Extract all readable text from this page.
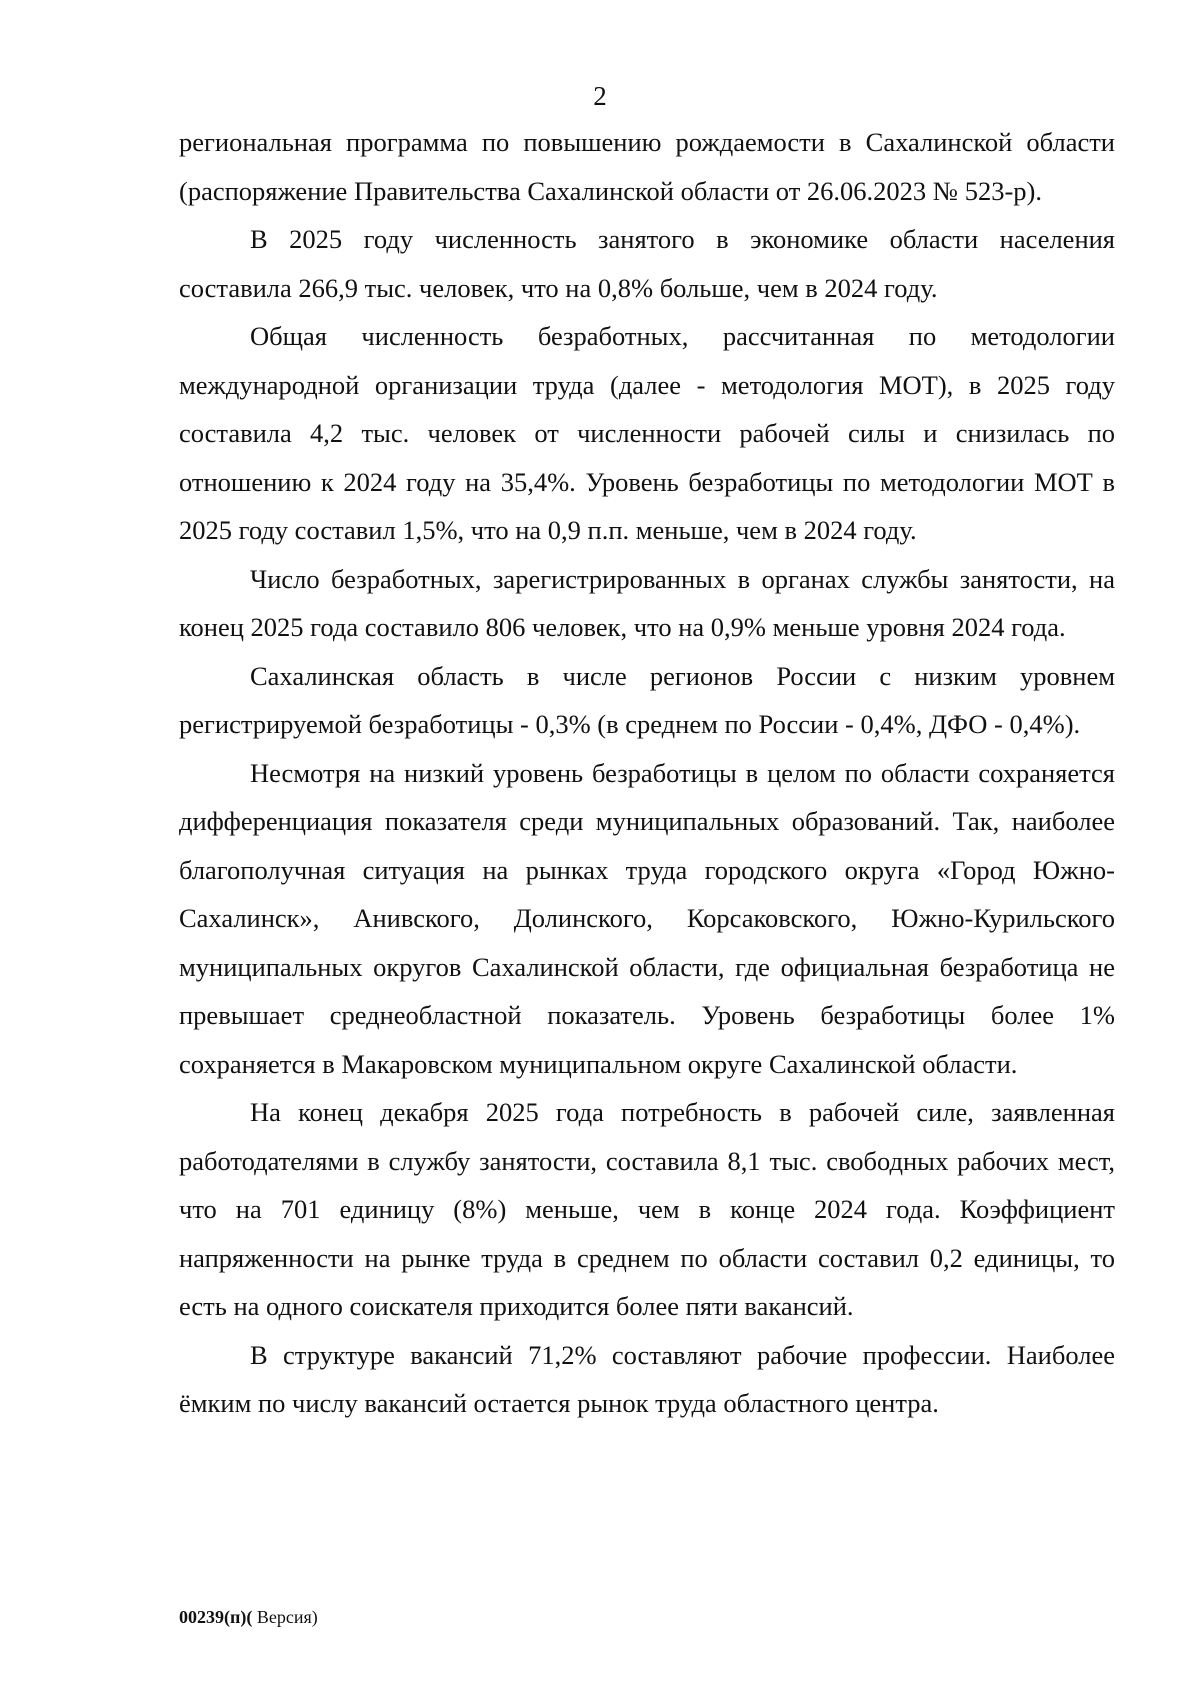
2

региональная программа по повышению рождаемости в Сахалинской области (распоряжение Правительства Сахалинской области от 26.06.2023 № 523-р).

В 2025 году численность занятого в экономике области населения составила 266,9 тыс. человек, что на 0,8% больше, чем в 2024 году.

Общая численность безработных, рассчитанная по методологии международной организации труда (далее - методология МОТ), в 2025 году составила 4,2 тыс. человек от численности рабочей силы и снизилась по отношению к 2024 году на 35,4%. Уровень безработицы по методологии МОТ в 2025 году составил 1,5%, что на 0,9 п.п. меньше, чем в 2024 году.

Число безработных, зарегистрированных в органах службы занятости, на конец 2025 года составило 806 человек, что на 0,9% меньше уровня 2024 года.

Сахалинская область в числе регионов России с низким уровнем регистрируемой безработицы - 0,3% (в среднем по России - 0,4%, ДФО - 0,4%).

Несмотря на низкий уровень безработицы в целом по области сохраняется дифференциация показателя среди муниципальных образований. Так, наиболее благополучная ситуация на рынках труда городского округа «Город Южно-Сахалинск», Анивского, Долинского, Корсаковского, Южно-Курильского муниципальных округов Сахалинской области, где официальная безработица не превышает среднеобластной показатель. Уровень безработицы более 1% сохраняется в Макаровском муниципальном округе Сахалинской области.

На конец декабря 2025 года потребность в рабочей силе, заявленная работодателями в службу занятости, составила 8,1 тыс. свободных рабочих мест, что на 701 единицу (8%) меньше, чем в конце 2024 года. Коэффициент напряженности на рынке труда в среднем по области составил 0,2 единицы, то есть на одного соискателя приходится более пяти вакансий.

В структуре вакансий 71,2% составляют рабочие профессии. Наиболее ёмким по числу вакансий остается рынок труда областного центра.

00239(п)( Версия)
